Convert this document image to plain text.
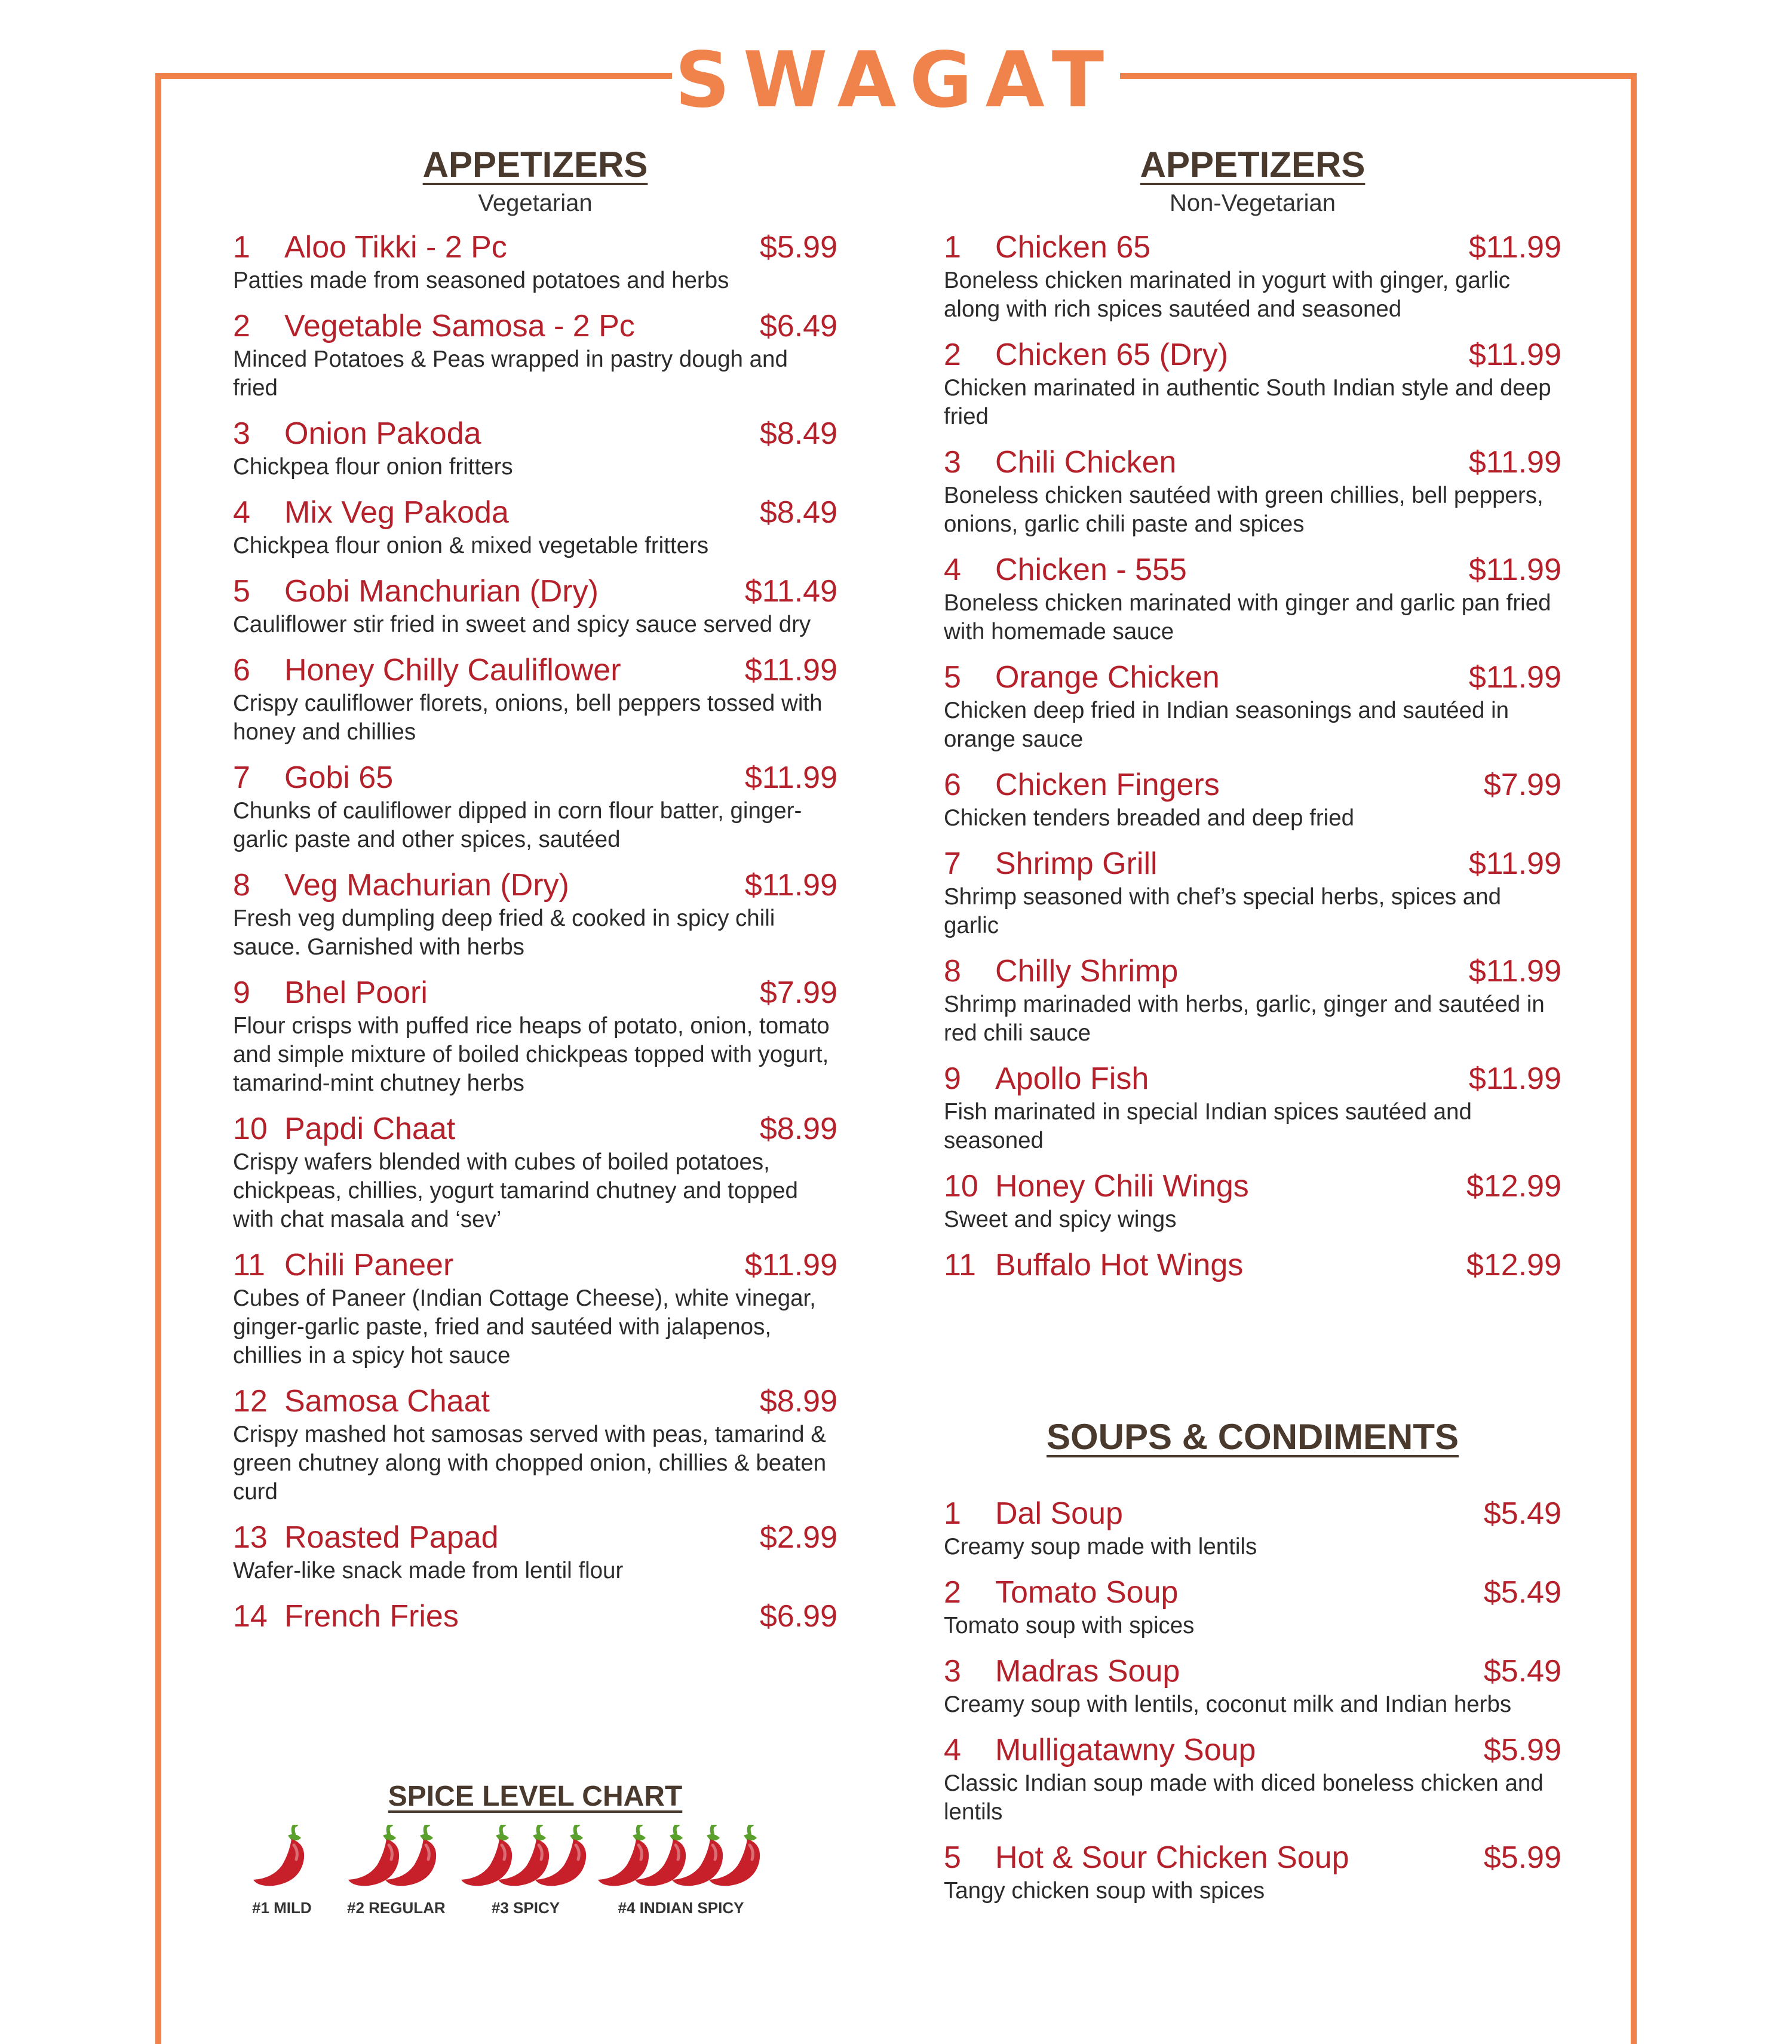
SWAGAT
APPETIZERS
Vegetarian
1	Aloo Tikki - 2 Pc	$5.99
Patties made from seasoned potatoes and herbs
2	Vegetable Samosa - 2 Pc	$6.49
Minced Potatoes & Peas wrapped in pastry dough and fried
3	Onion Pakoda	$8.49
Chickpea flour onion fritters
4	Mix Veg Pakoda	$8.49
Chickpea flour onion & mixed vegetable fritters
5	Gobi Manchurian (Dry)	$11.49
Cauliflower stir fried in sweet and spicy sauce served dry
6	Honey Chilly Cauliflower	$11.99
Crispy cauliflower florets, onions, bell peppers tossed with honey and chillies
7	Gobi 65	$11.99
Chunks of cauliflower dipped in corn flour batter, ginger-garlic paste and other spices, sautéed
8	Veg Machurian (Dry)	$11.99
Fresh veg dumpling deep fried & cooked in spicy chili sauce. Garnished with herbs
9	Bhel Poori	$7.99
Flour crisps with puffed rice heaps of potato, onion, tomato and simple mixture of boiled chickpeas topped with yogurt, tamarind-mint chutney herbs
10 Papdi Chaat	$8.99
Crispy wafers blended with cubes of boiled potatoes, chickpeas, chillies, yogurt tamarind chutney and topped with chat masala and ‘sev’
11 Chili Paneer	$11.99
Cubes of Paneer (Indian Cottage Cheese), white vinegar, ginger-garlic paste, fried and sautéed with jalapenos, chillies in a spicy hot sauce
12 Samosa Chaat	$8.99
Crispy mashed hot samosas served with peas, tamarind & green chutney along with chopped onion, chillies & beaten curd
13 Roasted Papad	$2.99
Wafer-like snack made from lentil flour
14 French Fries	$6.99
APPETIZERS
Non-Vegetarian
1	Chicken 65	$11.99
Boneless chicken marinated in yogurt with ginger, garlic along with rich spices sautéed and seasoned
2	Chicken 65 (Dry)	$11.99
Chicken marinated in authentic South Indian style and deep fried
3	Chili Chicken	$11.99
Boneless chicken sautéed with green chillies, bell peppers, onions, garlic chili paste and spices
4	Chicken - 555	$11.99
Boneless chicken marinated with ginger and garlic pan fried with homemade sauce
5	Orange Chicken	$11.99
Chicken deep fried in Indian seasonings and sautéed in orange sauce
6	Chicken Fingers	$7.99
Chicken tenders breaded and deep fried
7	Shrimp Grill	$11.99
Shrimp seasoned with chef’s special herbs, spices and garlic
8	Chilly Shrimp	$11.99
Shrimp marinaded with herbs, garlic, ginger and sautéed in red chili sauce
9	Apollo Fish	$11.99
Fish marinated in special Indian spices sautéed and seasoned
10 Honey Chili Wings	$12.99
Sweet and spicy wings
11 Buffalo Hot Wings	$12.99
SOUPS & CONDIMENTS
1	Dal Soup	$5.49
Creamy soup made with lentils
2	Tomato Soup	$5.49
Tomato soup with spices
3	Madras Soup	$5.49
Creamy soup with lentils, coconut milk and Indian herbs
4	Mulligatawny Soup	$5.99
Classic Indian soup made with diced boneless chicken and lentils
5	Hot & Sour Chicken Soup	$5.99
Tangy chicken soup with spices
SPICE LEVEL CHART
#1 MILD #2 REGULAR	#3 SPICY	#4 INDIAN SPICY
